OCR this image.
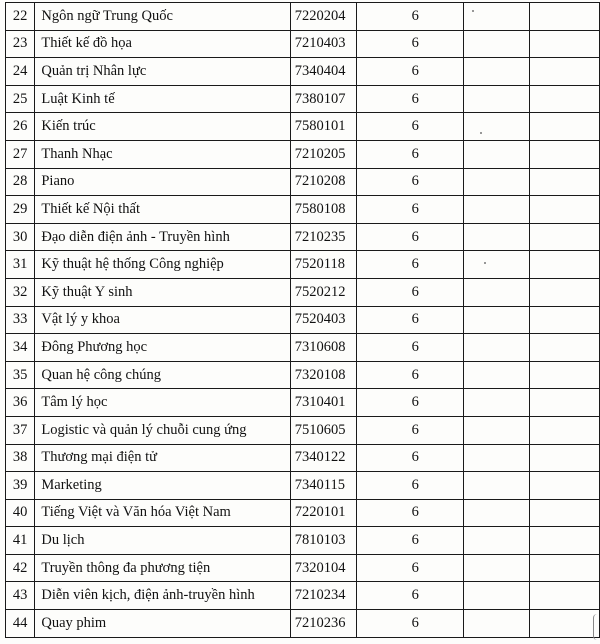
22	Ngôn ngữ Trung Quốc	7220204	6		
23	Thiết kế đồ họa	7210403	6		
24	Quản trị Nhân lực	7340404	6		
25	Luật Kinh tế	7380107	6		
26	Kiến trúc	7580101	6		
27	Thanh Nhạc	7210205	6		
28	Piano	7210208	6		
29	Thiết kế Nội thất	7580108	6		
30	Đạo diễn điện ảnh - Truyền hình	7210235	6		
31	Kỹ thuật hệ thống Công nghiệp	7520118	6		
32	Kỹ thuật Y sinh	7520212	6		
33	Vật lý y khoa	7520403	6		
34	Đông Phương học	7310608	6		
35	Quan hệ công chúng	7320108	6		
36	Tâm lý học	7310401	6		
37	Logistic và quản lý chuỗi cung ứng	7510605	6		
38	Thương mại điện tử	7340122	6		
39	Marketing	7340115	6		
40	Tiếng Việt và Văn hóa Việt Nam	7220101	6		
41	Du lịch	7810103	6		
42	Truyền thông đa phương tiện	7320104	6		
43	Diễn viên kịch, điện ảnh-truyền hình	7210234	6		
44	Quay phim	7210236	6		
